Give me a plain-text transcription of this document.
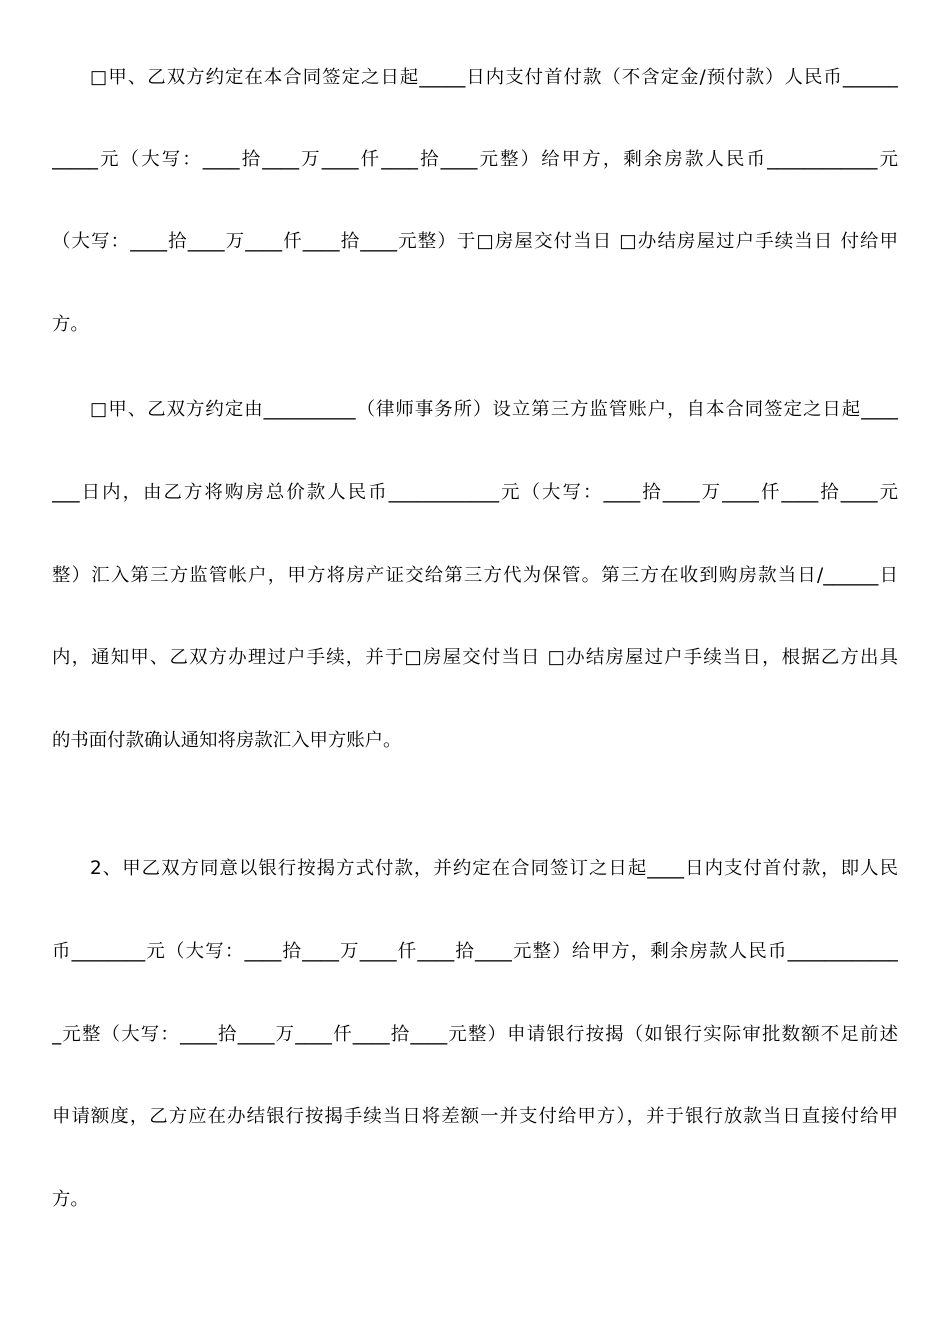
□甲、乙双方约定在本合同签定之日起_____日内支付首付款（不含定金/预付款）人民币______
_____元（大写：____拾____万____仟____拾____元整）给甲方，剩余房款人民币____________元
（大写：____拾____万____仟____拾____元整）于□房屋交付当日 □办结房屋过户手续当日 付给甲
方。
□甲、乙双方约定由__________（律师事务所）设立第三方监管账户，自本合同签定之日起____
___日内，由乙方将购房总价款人民币____________元（大写：____拾____万____仟____拾____元
整）汇入第三方监管帐户，甲方将房产证交给第三方代为保管。第三方在收到购房款当日/______日
内，通知甲、乙双方办理过户手续，并于□房屋交付当日 □办结房屋过户手续当日，根据乙方出具
的书面付款确认通知将房款汇入甲方账户。
2、甲乙双方同意以银行按揭方式付款，并约定在合同签订之日起____日内支付首付款，即人民
币________元（大写：____拾____万____仟____拾____元整）给甲方，剩余房款人民币____________
_元整（大写：____拾____万____仟____拾____元整）申请银行按揭（如银行实际审批数额不足前述
申请额度，乙方应在办结银行按揭手续当日将差额一并支付给甲方），并于银行放款当日直接付给甲
方。
